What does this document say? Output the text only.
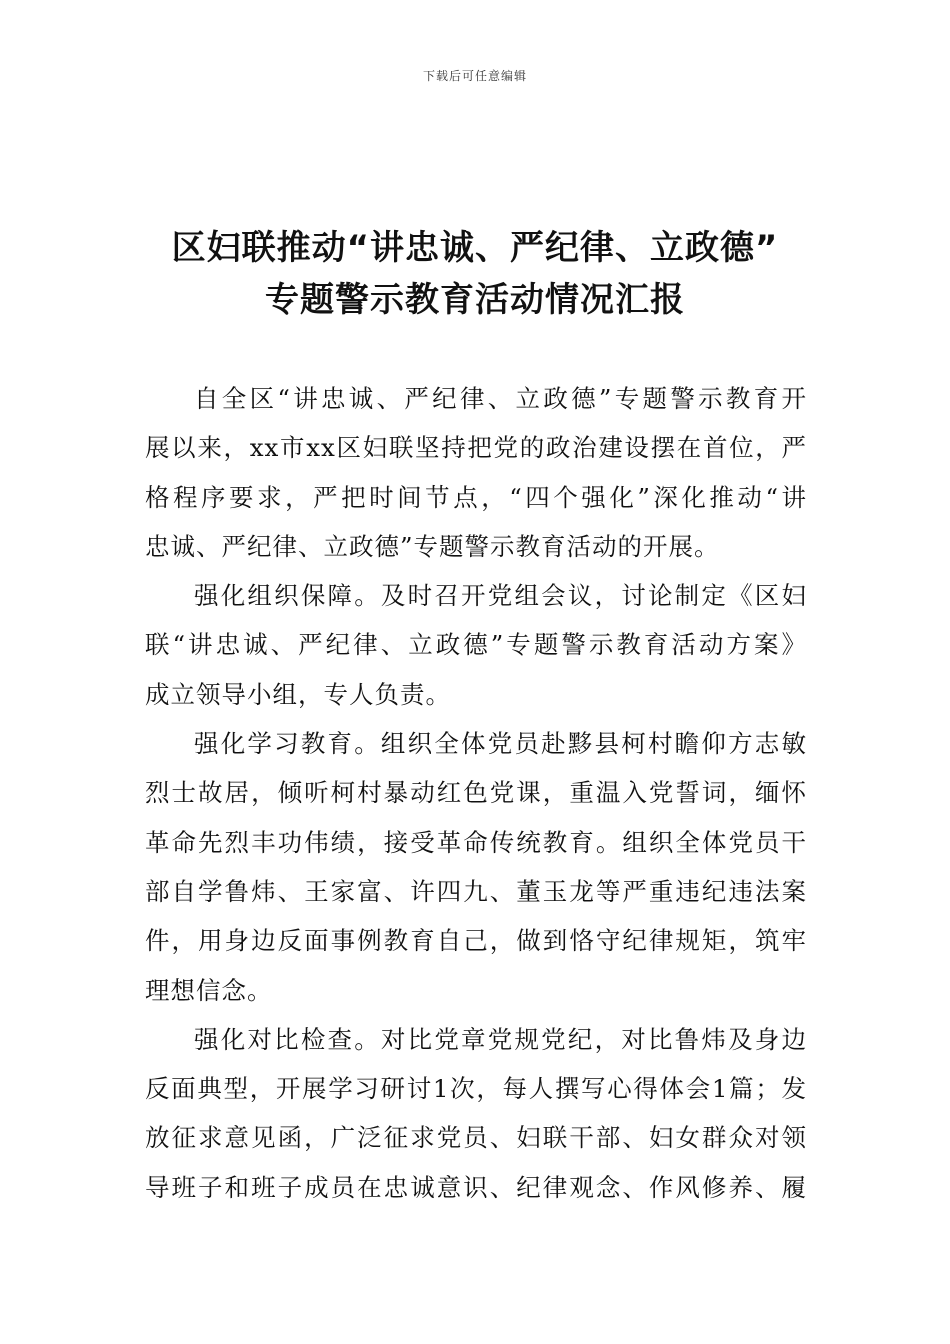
下载后可任意编辑
区妇联推动“讲忠诚、严纪律、立政德”
专题警示教育活动情况汇报
自全区“讲忠诚、严纪律、立政德”专题警示教育开
展以来，xx市xx区妇联坚持把党的政治建设摆在首位，严
格程序要求，严把时间节点，“四个强化”深化推动“讲
忠诚、严纪律、立政德”专题警示教育活动的开展。
强化组织保障。及时召开党组会议，讨论制定《区妇
联“讲忠诚、严纪律、立政德”专题警示教育活动方案》
成立领导小组，专人负责。
强化学习教育。组织全体党员赴黟县柯村瞻仰方志敏
烈士故居，倾听柯村暴动红色党课，重温入党誓词，缅怀
革命先烈丰功伟绩，接受革命传统教育。组织全体党员干
部自学鲁炜、王家富、许四九、董玉龙等严重违纪违法案
件，用身边反面事例教育自己，做到恪守纪律规矩，筑牢
理想信念。
强化对比检查。对比党章党规党纪，对比鲁炜及身边
反面典型，开展学习研讨1次，每人撰写心得体会1篇；发
放征求意见函，广泛征求党员、妇联干部、妇女群众对领
导班子和班子成员在忠诚意识、纪律观念、作风修养、履
